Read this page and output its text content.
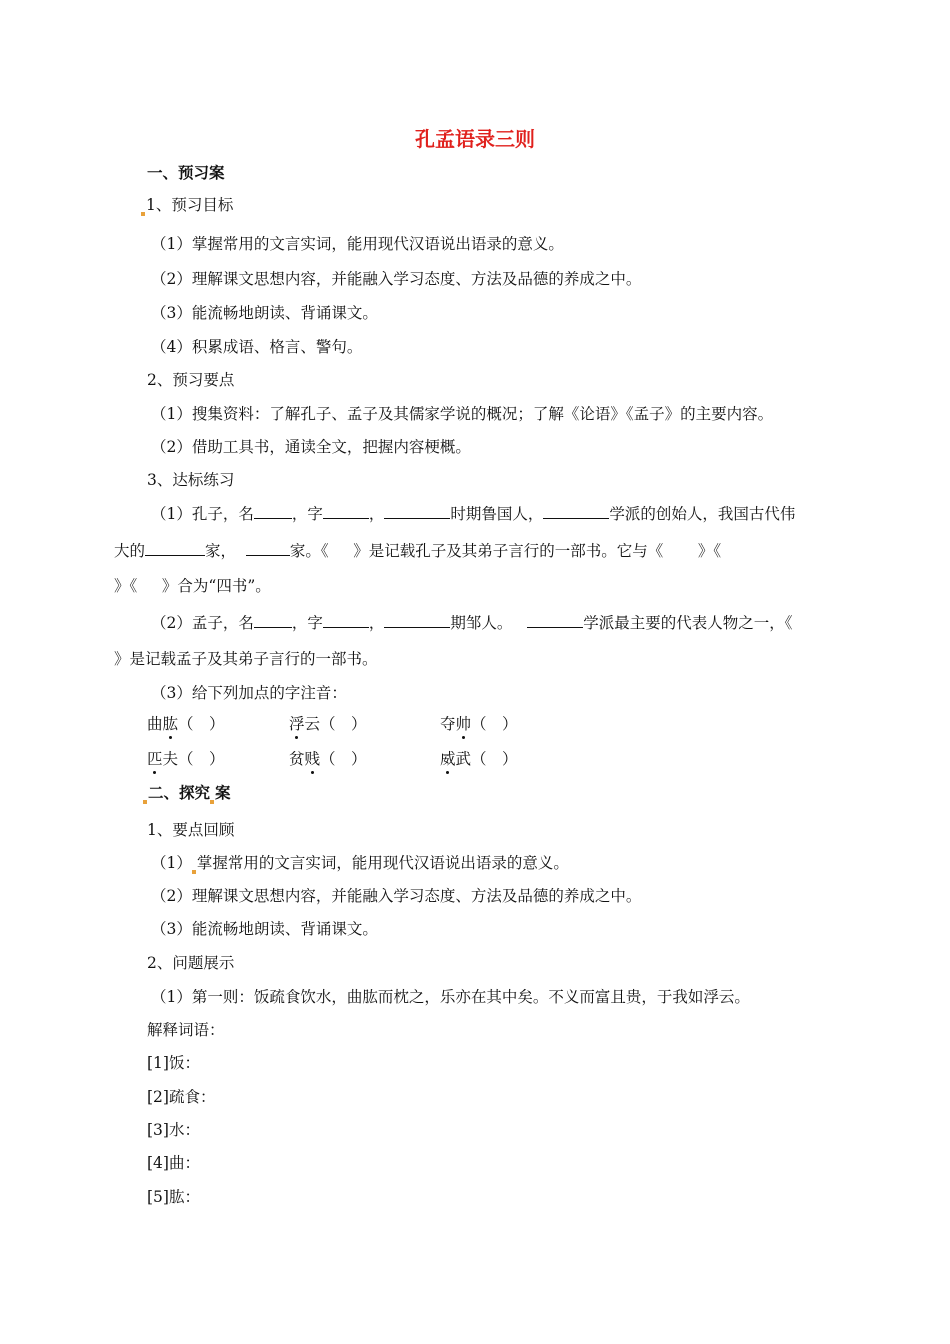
孔孟语录三则
一、预习案
1、预习目标
（1）掌握常用的文言实词，能用现代汉语说出语录的意义。
（2）理解课文思想内容，并能融入学习态度、方法及品德的养成之中。
（3）能流畅地朗读、背诵课文。
（4）积累成语、格言、警句。
2、预习要点
（1）搜集资料：了解孔子、孟子及其儒家学说的概况；了解《论语》《孟子》的主要内容。
（2）借助工具书，通读全文，把握内容梗概。
3、达标练习
（1）孔子，名 ，字	，	时期鲁国人，	学派的创始人，我国古代伟
大的	家，	家。《 》是记载孔子及其弟子言行的一部书。它与《 》《
》《 》合为“四书”。
（2）孟子，名 ，字	，	期邹人。	学派最主要的代表人物之一，《
》是记载孟子及其弟子言行的一部书。
（3）给下列加点的字注音：
曲肱（　）	浮云（　）	夺帅（　）
匹夫（　）	贫贱（　）	威武（　）
二、探究 案
1、要点回顾
（1） 掌握常用的文言实词，能用现代汉语说出语录的意义。
（2）理解课文思想内容，并能融入学习态度、方法及品德的养成之中。
（3）能流畅地朗读、背诵课文。
2、问题展示
（1）第一则：饭疏食饮水，曲肱而枕之，乐亦在其中矣。不义而富且贵，于我如浮云。
解释词语：
[1]饭：
[2]疏食：
[3]水：
[4]曲：
[5]肱：
